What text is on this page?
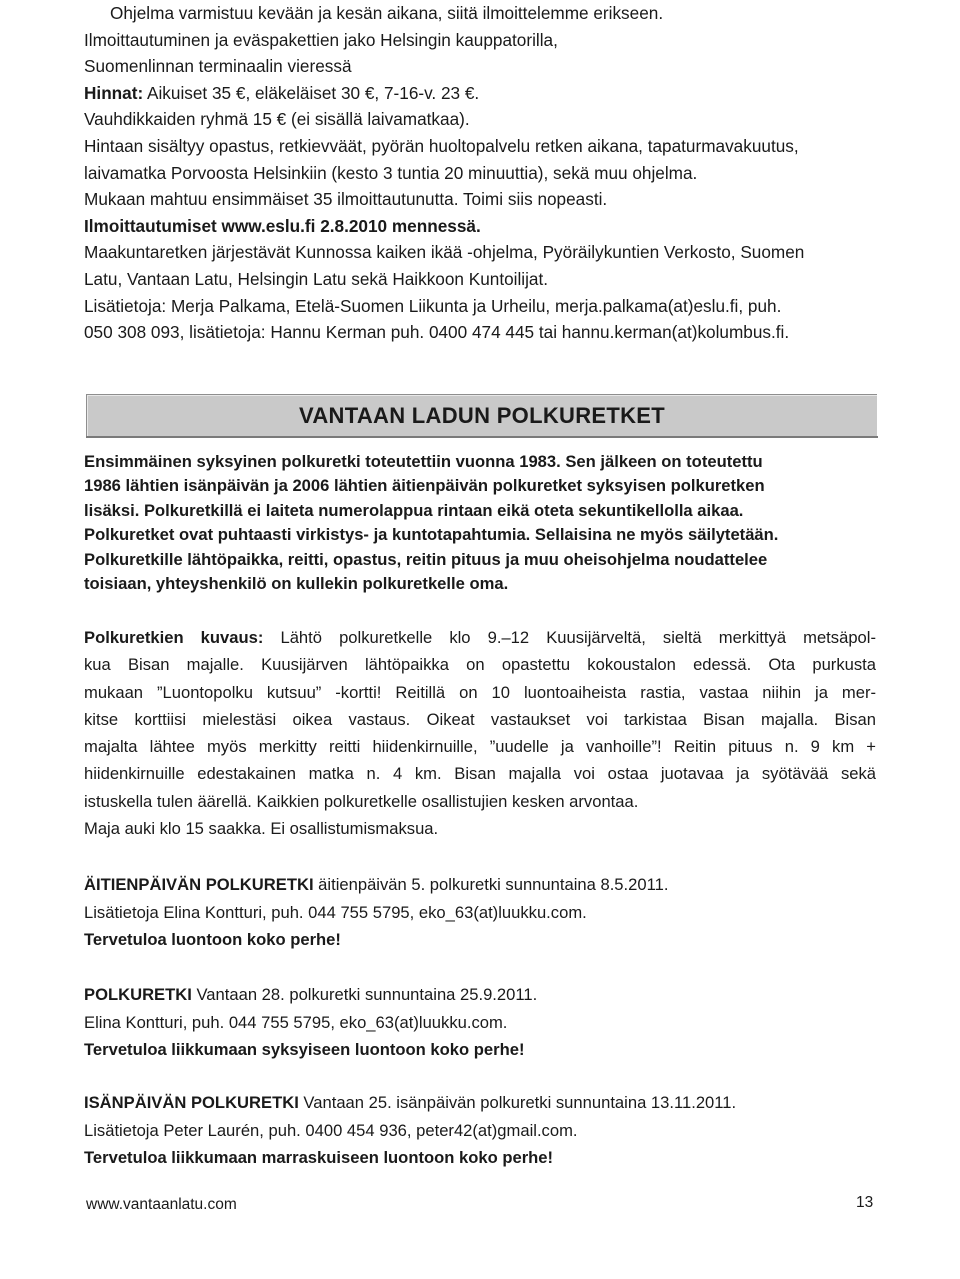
Ohjelma varmistuu kevään ja kesän aikana, siitä ilmoittelemme erikseen.

Ilmoittautuminen ja eväspakettien jako Helsingin kauppatorilla,

Suomenlinnan terminaalin vieressä

Hinnat: Aikuiset 35 €, eläkeläiset 30 €, 7-16-v. 23 €.

Vauhdikkaiden ryhmä 15 € (ei sisällä laivamatkaa).

Hintaan sisältyy opastus, retkievväät, pyörän huoltopalvelu retken aikana, tapaturmavakuutus,

laivamatka Porvoosta Helsinkiin (kesto 3 tuntia 20 minuuttia), sekä muu ohjelma.

Mukaan mahtuu ensimmäiset 35 ilmoittautunutta. Toimi siis nopeasti.

Ilmoittautumiset www.eslu.fi 2.8.2010 mennessä.

Maakuntaretken järjestävät Kunnossa kaiken ikää -ohjelma, Pyöräilykuntien Verkosto, Suomen

Latu, Vantaan Latu, Helsingin Latu sekä Haikkoon Kuntoilijat.

Lisätietoja: Merja Palkama, Etelä-Suomen Liikunta ja Urheilu, merja.palkama(at)eslu.fi, puh.

050 308 093, lisätietoja: Hannu Kerman puh. 0400 474 445 tai hannu.kerman(at)kolumbus.fi.

VANTAAN LADUN POLKURETKET

Ensimmäinen syksyinen polkuretki toteutettiin vuonna 1983. Sen jälkeen on toteutettu

1986 lähtien isänpäivän ja 2006 lähtien äitienpäivän polkuretket syksyisen polkuretken

lisäksi. Polkuretkillä ei laiteta numerolappua rintaan eikä oteta sekuntikellolla aikaa.

Polkuretket ovat puhtaasti virkistys- ja kuntotapahtumia. Sellaisina ne myös säilytetään.

Polkuretkille lähtöpaikka, reitti, opastus, reitin pituus ja muu oheisohjelma noudattelee

toisiaan, yhteyshenkilö on kullekin polkuretkelle oma.

Polkuretkien kuvaus: Lähtö polkuretkelle klo 9.–12 Kuusijärveltä, sieltä merkittyä metsäpol-

kua Bisan majalle. Kuusijärven lähtöpaikka on opastettu kokoustalon edessä. Ota purkusta

mukaan ”Luontopolku kutsuu” -kortti! Reitillä on 10 luontoaiheista rastia, vastaa niihin ja mer-

kitse korttiisi mielestäsi oikea vastaus. Oikeat vastaukset voi tarkistaa Bisan majalla. Bisan

majalta lähtee myös merkitty reitti hiidenkirnuille, ”uudelle ja vanhoille”! Reitin pituus n. 9 km +

hiidenkirnuille edestakainen matka n. 4 km. Bisan majalla voi ostaa juotavaa ja syötävää sekä

istuskella tulen äärellä. Kaikkien polkuretkelle osallistujien kesken arvontaa.

Maja auki klo 15 saakka. Ei osallistumismaksua.

ÄITIENPÄIVÄN POLKURETKI äitienpäivän 5. polkuretki sunnuntaina 8.5.2011.

Lisätietoja Elina Kontturi, puh. 044 755 5795, eko_63(at)luukku.com.

Tervetuloa luontoon koko perhe!

POLKURETKI Vantaan 28. polkuretki sunnuntaina 25.9.2011.

Elina Kontturi, puh. 044 755 5795, eko_63(at)luukku.com.

Tervetuloa liikkumaan syksyiseen luontoon koko perhe!

ISÄNPÄIVÄN POLKURETKI Vantaan 25. isänpäivän polkuretki sunnuntaina 13.11.2011.

Lisätietoja Peter Laurén, puh. 0400 454 936, peter42(at)gmail.com.

Tervetuloa liikkumaan marraskuiseen luontoon koko perhe!

www.vantaanlatu.com	13
